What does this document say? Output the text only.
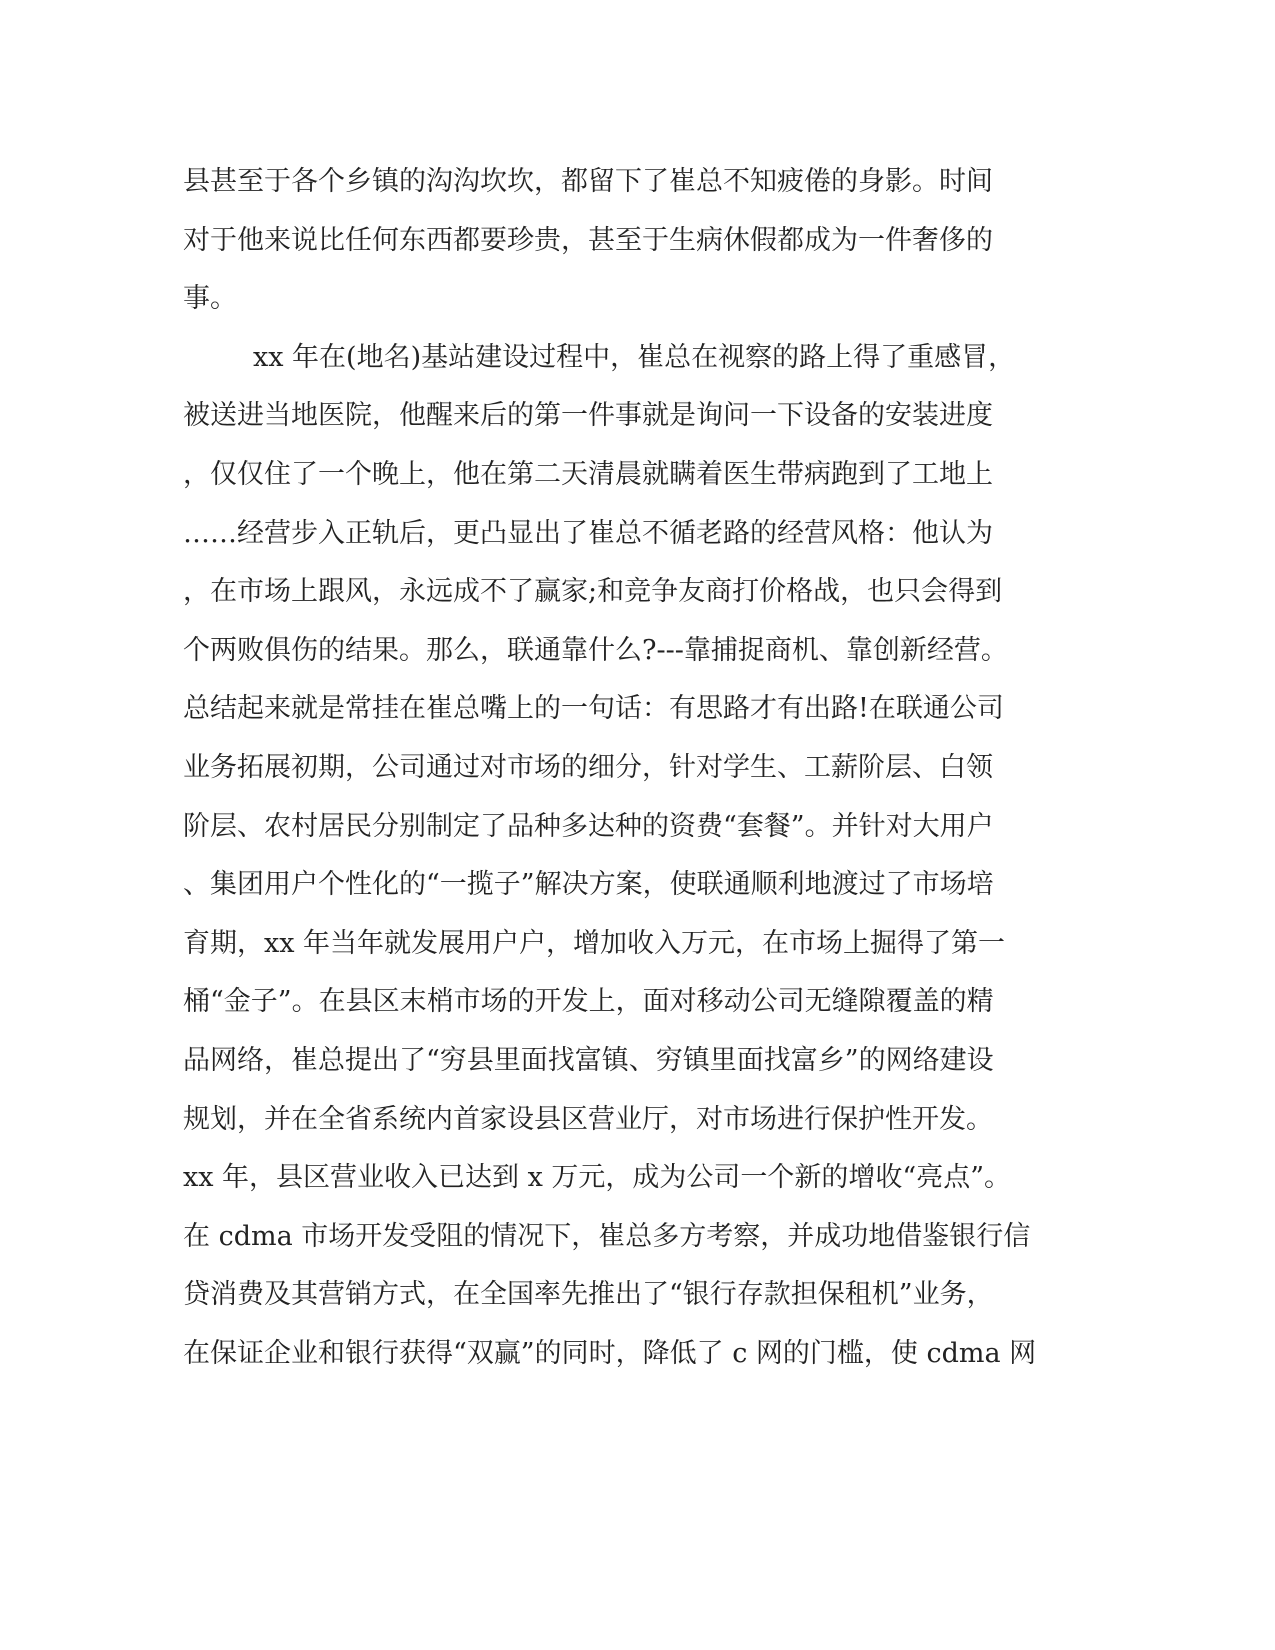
县甚至于各个乡镇的沟沟坎坎，都留下了崔总不知疲倦的身影。时间
对于他来说比任何东西都要珍贵，甚至于生病休假都成为一件奢侈的
事。
xx 年在(地名)基站建设过程中，崔总在视察的路上得了重感冒，
被送进当地医院，他醒来后的第一件事就是询问一下设备的安装进度
，仅仅住了一个晚上，他在第二天清晨就瞒着医生带病跑到了工地上
……经营步入正轨后，更凸显出了崔总不循老路的经营风格：他认为
，在市场上跟风，永远成不了赢家;和竞争友商打价格战，也只会得到
个两败俱伤的结果。那么，联通靠什么?---靠捕捉商机、靠创新经营。
总结起来就是常挂在崔总嘴上的一句话：有思路才有出路!在联通公司
业务拓展初期，公司通过对市场的细分，针对学生、工薪阶层、白领
阶层、农村居民分别制定了品种多达种的资费“套餐”。并针对大用户
、集团用户个性化的“一揽子”解决方案，使联通顺利地渡过了市场培
育期，xx 年当年就发展用户户，增加收入万元，在市场上掘得了第一
桶“金子”。在县区末梢市场的开发上，面对移动公司无缝隙覆盖的精
品网络，崔总提出了“穷县里面找富镇、穷镇里面找富乡”的网络建设
规划，并在全省系统内首家设县区营业厅，对市场进行保护性开发。
xx 年，县区营业收入已达到 x 万元，成为公司一个新的增收“亮点”。
在 cdma 市场开发受阻的情况下，崔总多方考察，并成功地借鉴银行信
贷消费及其营销方式，在全国率先推出了“银行存款担保租机”业务，
在保证企业和银行获得“双赢”的同时，降低了 c 网的门槛，使 cdma 网
